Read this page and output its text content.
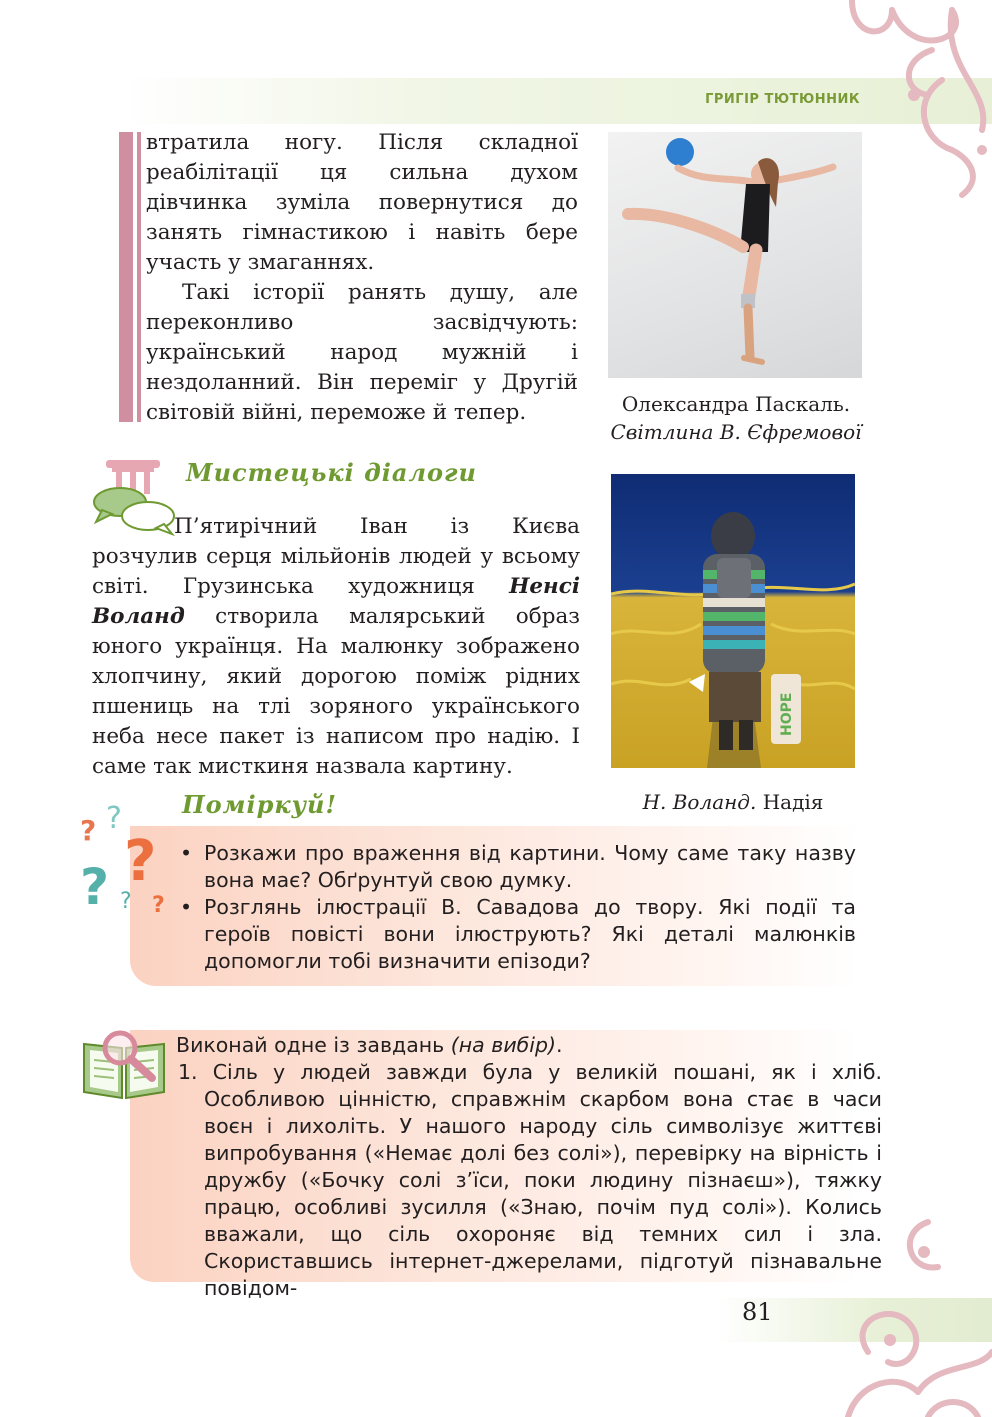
ГРИГІР ТЮТЮННИК

втратила ногу. Після складної реабілітації ця сильна духом дівчинка зуміла повернутися до занять гімнастикою і навіть бере участь у змаганнях.

Такі історії ранять душу, але переконливо засвідчують: український народ мужній і нездоланний. Він переміг у Другій світовій війні, переможе й тепер.	Олександра Паскаль.
Світлина В. Єфремової

Мистецькі діалоги

П’ятирічний Іван із Києва розчулив серця мільйонів людей у всьому світі. Грузинська художниця Ненсі Воланд створила малярський образ юного українця. На малюнку зображено хлопчину, який дорогою поміж рідних пшениць на тлі зоряного українського неба несе пакет із написом про надію. І саме так мисткиня назвала картину.

HOPE

Н. Воланд. Надія

? ?
?
? ? ?
Поміркуй!
• Розкажи про враження від картини. Чому саме таку назву вона має? Обґрунтуй свою думку.
• Розглянь ілюстрації В. Савадова до твору. Які події та героїв повісті вони ілюструють? Які деталі малюнків допомогли тобі визначити епізоди?

Виконай одне із завдань (на вибір).

1. Сіль у людей завжди була у великій пошані, як і хліб. Особливою цінністю, справжнім скарбом вона стає в часи воєн і лихоліть. У нашого народу сіль символізує життєві випробування («Немає долі без солі»), перевірку на вірність і дружбу («Бочку солі з’їси, поки людину пізнаєш»), тяжку працю, особливі зусилля («Знаю, почім пуд солі»). Колись вважали, що сіль охороняє від темних сил і зла. Скориставшись інтернет-джерелами, підготуй пізнавальне повідом-

81
